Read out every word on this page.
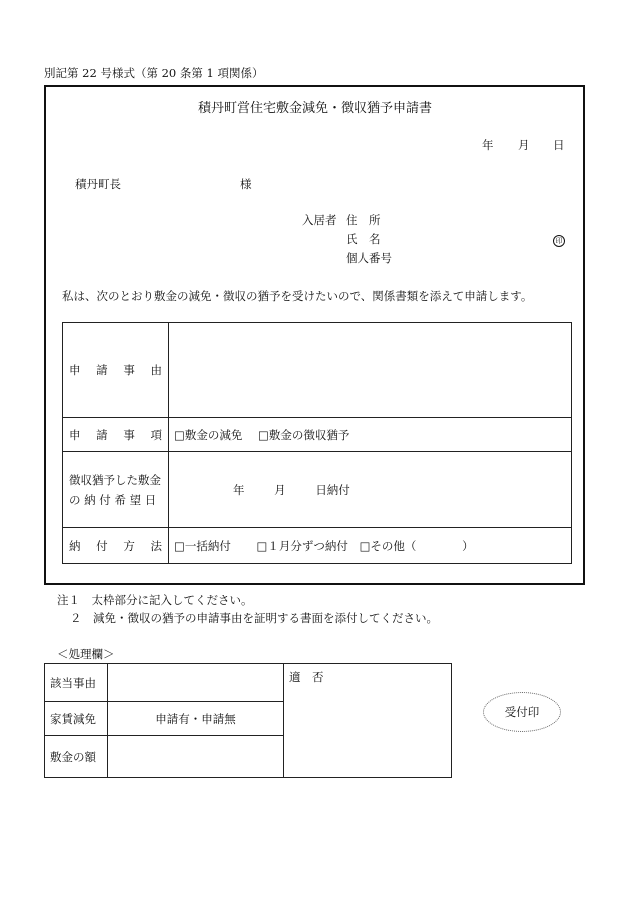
別記第 22 号様式（第 20 条第 1 項関係）
積丹町営住宅敷金減免・徴収猶予申請書
年 月 日
積丹町長	様
入居者 住　所
氏　名	印
個人番号
私は、次のとおり敷金の減免・徴収の猶予を受けたいので、関係書類を添えて申請します。
申　請　事　由	
申　請　事　項	□敷金の減免 □敷金の徴収猶予

徴収猶予した敷金
の 納 付 希 望 日	年 月 日納付
納　付　方　法	□一括納付 □１月分ずつ納付 □その他（ ）
注１　太枠部分に記入してください。
２　減免・徴収の猶予の申請事由を証明する書面を添付してください。
＜処理欄＞
該当事由		適　否
家賃減免	申請有・申請無	
敷金の額		
受付印
